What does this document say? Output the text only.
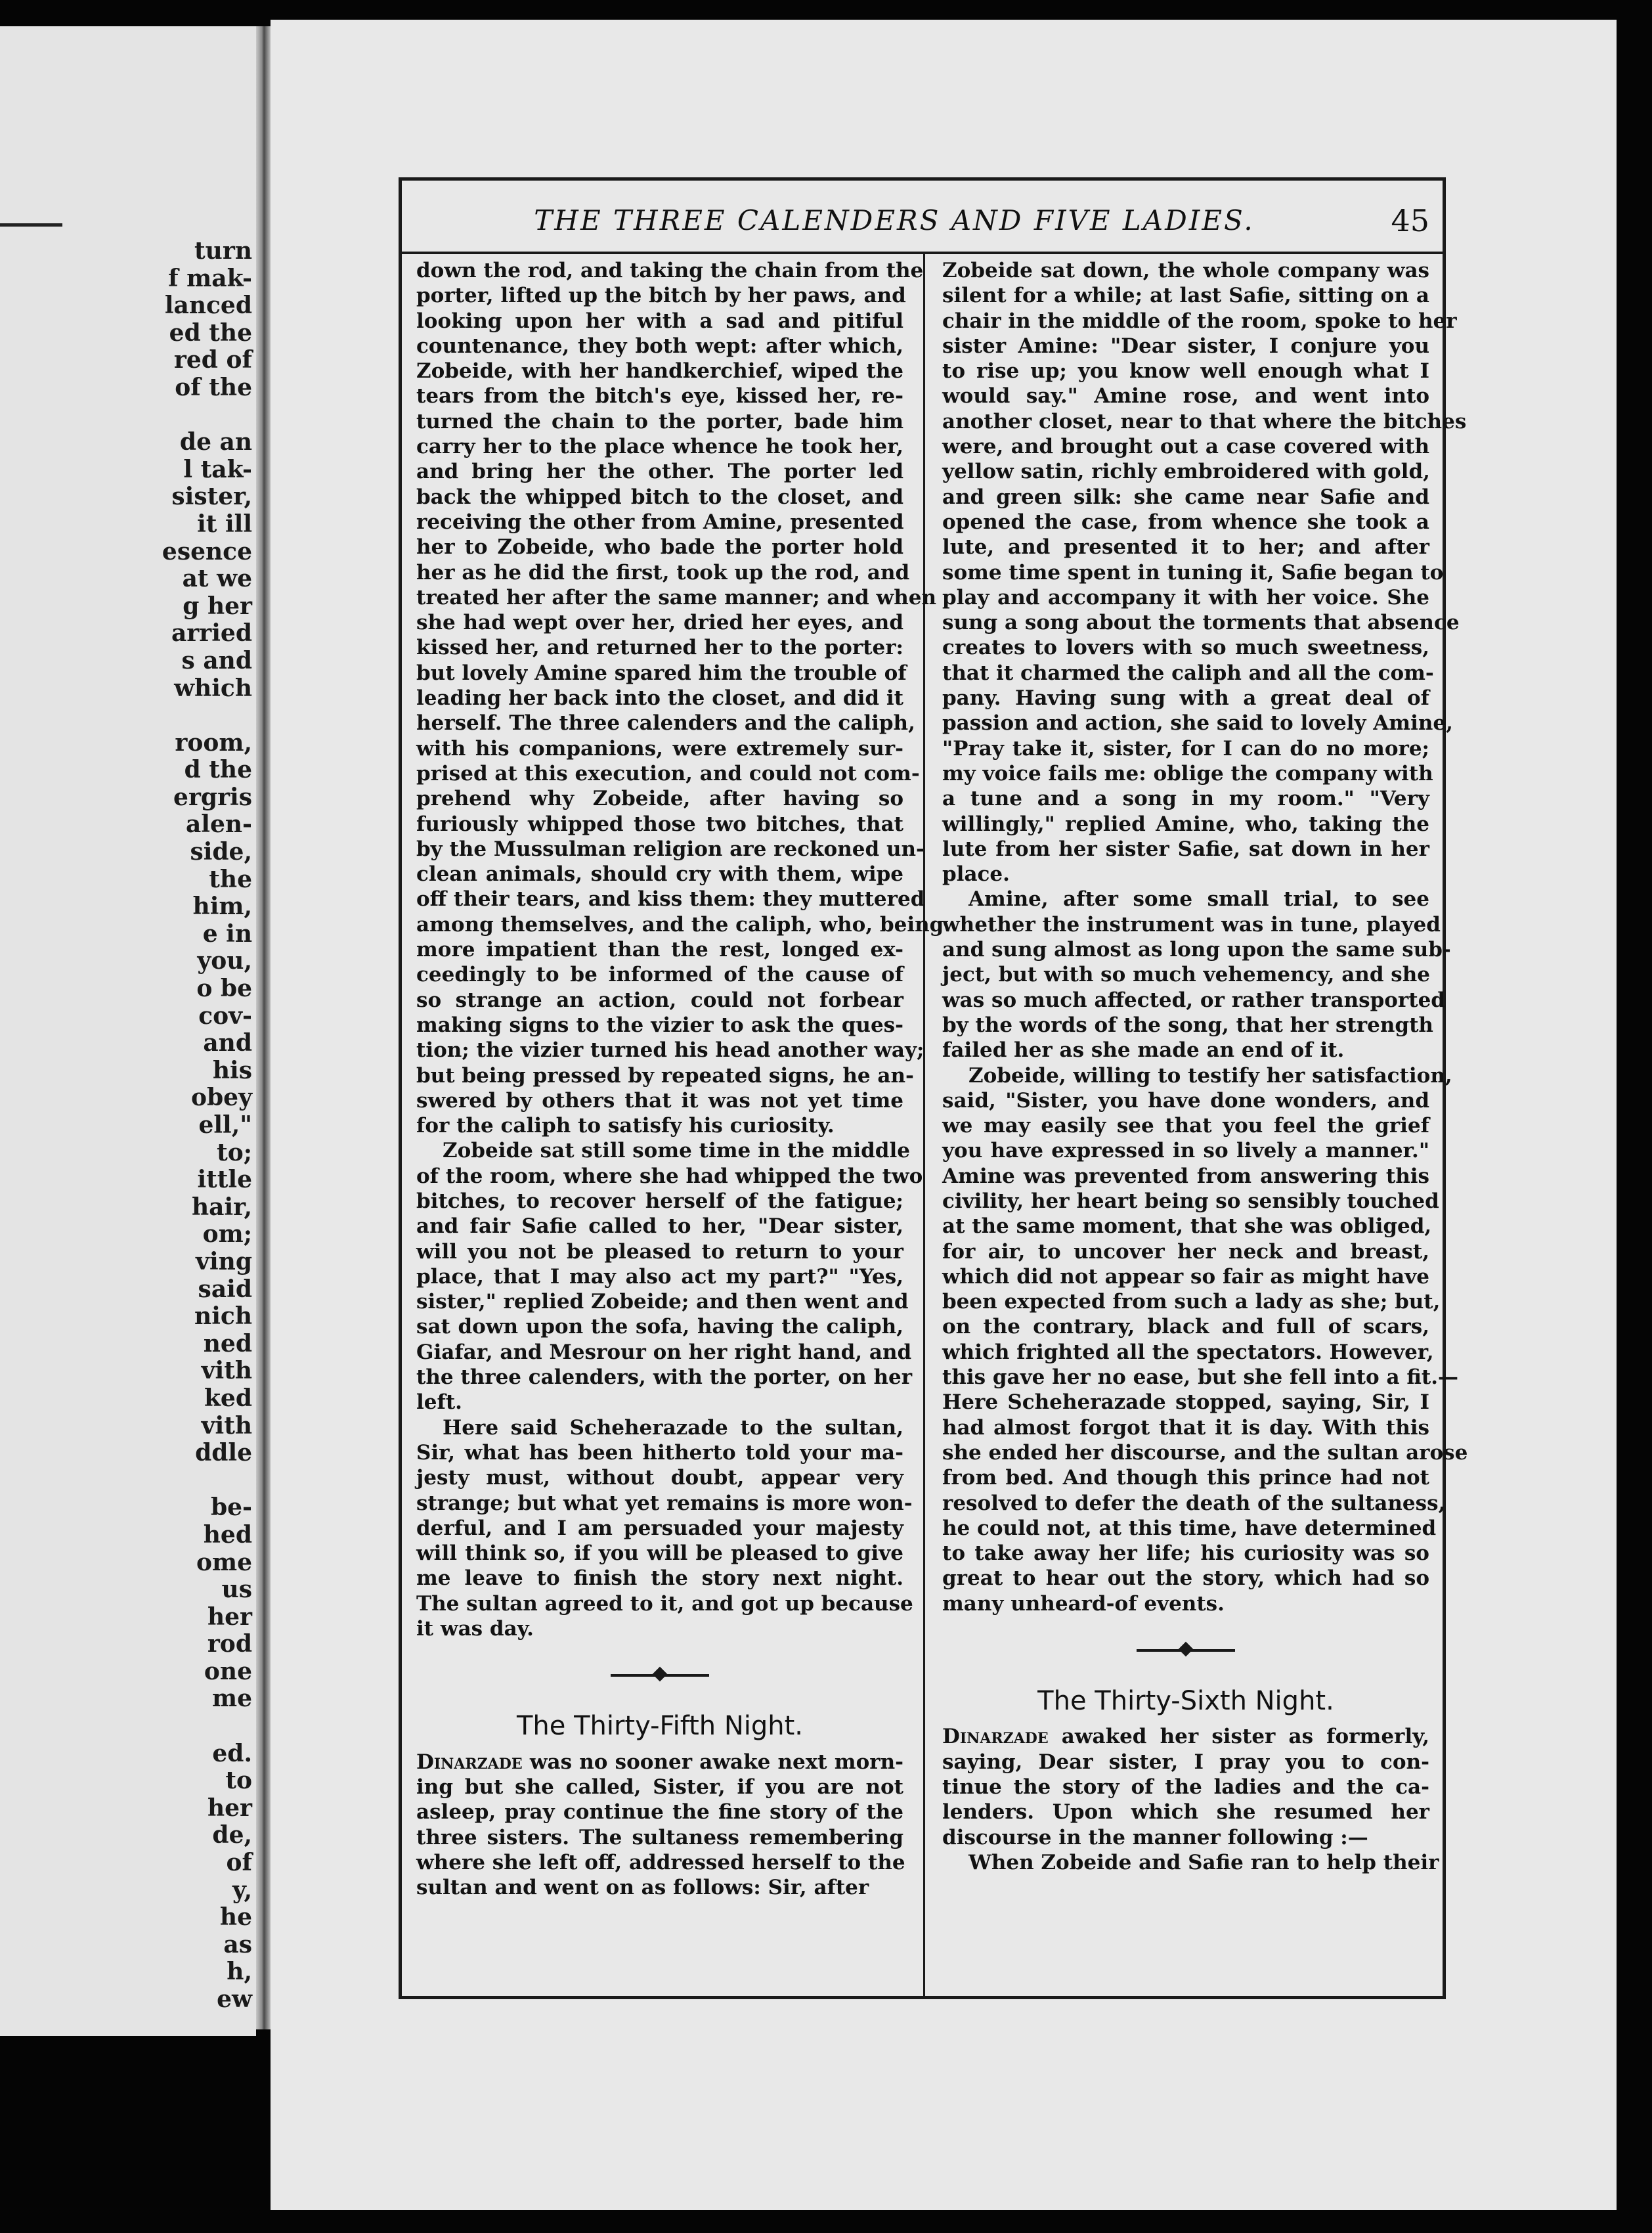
turn
f mak-
lanced
ed the
red of
of the

de an
l tak-
sister,
it ill
esence
at we
g her
arried
s and
which

room,
d the
ergris
alen-
side,
the
him,
e in
you,
o be
cov-
and
his
obey
ell,"
to;
ittle
hair,
om;
ving
said
nich
ned
vith
ked
vith
ddle

be-
hed
ome
us
her
rod
one
me

ed.
to
her
de,
of
y,
he
as
h,
ew
THE THREE CALENDERS AND FIVE LADIES.	45

down the rod, and taking the chain from the

porter, lifted up the bitch by her paws, and

looking upon her with a sad and pitiful

countenance, they both wept: after which,

Zobeide, with her handkerchief, wiped the

tears from the bitch's eye, kissed her, re-

turned the chain to the porter, bade him

carry her to the place whence he took her,

and bring her the other. The porter led

back the whipped bitch to the closet, and

receiving the other from Amine, presented

her to Zobeide, who bade the porter hold

her as he did the first, took up the rod, and

treated her after the same manner; and when

she had wept over her, dried her eyes, and

kissed her, and returned her to the porter:

but lovely Amine spared him the trouble of

leading her back into the closet, and did it

herself. The three calenders and the caliph,

with his companions, were extremely sur-

prised at this execution, and could not com-

prehend why Zobeide, after having so

furiously whipped those two bitches, that

by the Mussulman religion are reckoned un-

clean animals, should cry with them, wipe

off their tears, and kiss them: they muttered

among themselves, and the caliph, who, being

more impatient than the rest, longed ex-

ceedingly to be informed of the cause of

so strange an action, could not forbear

making signs to the vizier to ask the ques-

tion; the vizier turned his head another way;

but being pressed by repeated signs, he an-

swered by others that it was not yet time

for the caliph to satisfy his curiosity.

Zobeide sat still some time in the middle

of the room, where she had whipped the two

bitches, to recover herself of the fatigue;

and fair Safie called to her, "Dear sister,

will you not be pleased to return to your

place, that I may also act my part?" "Yes,

sister," replied Zobeide; and then went and

sat down upon the sofa, having the caliph,

Giafar, and Mesrour on her right hand, and

the three calenders, with the porter, on her

left.

Here said Scheherazade to the sultan,

Sir, what has been hitherto told your ma-

jesty must, without doubt, appear very

strange; but what yet remains is more won-

derful, and I am persuaded your majesty

will think so, if you will be pleased to give

me leave to finish the story next night.

The sultan agreed to it, and got up because

it was day.

The Thirty-Fifth Night.

Dinarzade was no sooner awake next morn-

ing but she called, Sister, if you are not

asleep, pray continue the fine story of the

three sisters. The sultaness remembering

where she left off, addressed herself to the

sultan and went on as follows: Sir, after

Zobeide sat down, the whole company was

silent for a while; at last Safie, sitting on a

chair in the middle of the room, spoke to her

sister Amine: "Dear sister, I conjure you

to rise up; you know well enough what I

would say." Amine rose, and went into

another closet, near to that where the bitches

were, and brought out a case covered with

yellow satin, richly embroidered with gold,

and green silk: she came near Safie and

opened the case, from whence she took a

lute, and presented it to her; and after

some time spent in tuning it, Safie began to

play and accompany it with her voice. She

sung a song about the torments that absence

creates to lovers with so much sweetness,

that it charmed the caliph and all the com-

pany. Having sung with a great deal of

passion and action, she said to lovely Amine,

"Pray take it, sister, for I can do no more;

my voice fails me: oblige the company with

a tune and a song in my room." "Very

willingly," replied Amine, who, taking the

lute from her sister Safie, sat down in her

place.

Amine, after some small trial, to see

whether the instrument was in tune, played

and sung almost as long upon the same sub-

ject, but with so much vehemency, and she

was so much affected, or rather transported

by the words of the song, that her strength

failed her as she made an end of it.

Zobeide, willing to testify her satisfaction,

said, "Sister, you have done wonders, and

we may easily see that you feel the grief

you have expressed in so lively a manner."

Amine was prevented from answering this

civility, her heart being so sensibly touched

at the same moment, that she was obliged,

for air, to uncover her neck and breast,

which did not appear so fair as might have

been expected from such a lady as she; but,

on the contrary, black and full of scars,

which frighted all the spectators. However,

this gave her no ease, but she fell into a fit.—

Here Scheherazade stopped, saying, Sir, I

had almost forgot that it is day. With this

she ended her discourse, and the sultan arose

from bed. And though this prince had not

resolved to defer the death of the sultaness,

he could not, at this time, have determined

to take away her life; his curiosity was so

great to hear out the story, which had so

many unheard-of events.

The Thirty-Sixth Night.

Dinarzade awaked her sister as formerly,

saying, Dear sister, I pray you to con-

tinue the story of the ladies and the ca-

lenders. Upon which she resumed her

discourse in the manner following :—

When Zobeide and Safie ran to help their
